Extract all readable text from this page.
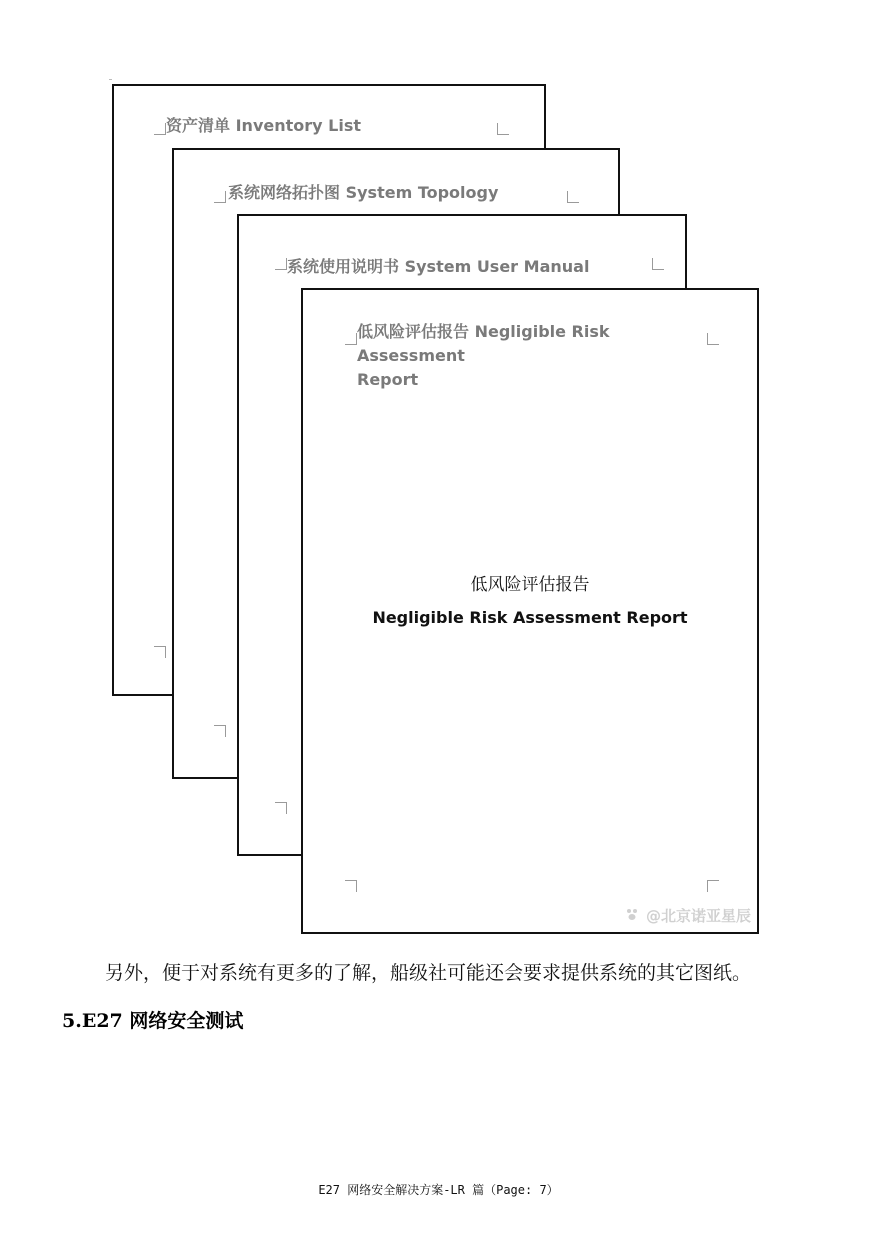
资产清单 Inventory List
系统网络拓扑图 System Topology
系统使用说明书 System User Manual
低风险评估报告 Negligible Risk Assessment
Report
低风险评估报告
Negligible Risk Assessment Report
@北京诺亚星辰
另外，便于对系统有更多的了解，船级社可能还会要求提供系统的其它图纸。
5.E27 网络安全测试
E27 网络安全解决方案-LR 篇（Page: 7）
